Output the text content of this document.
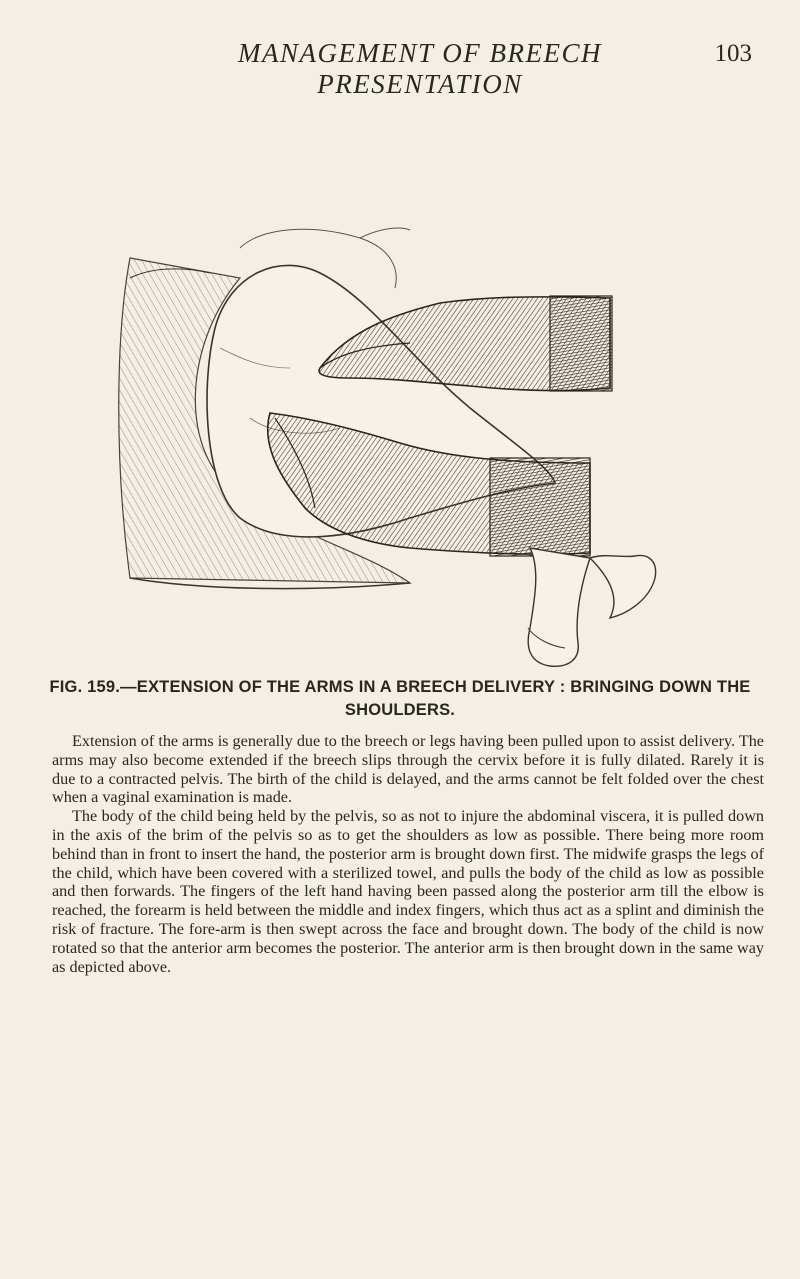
MANAGEMENT OF BREECH PRESENTATION
103
FIG. 159.—EXTENSION OF THE ARMS IN A BREECH DELIVERY : BRINGING DOWN THE SHOULDERS.

Extension of the arms is generally due to the breech or legs having been pulled upon to assist delivery. The arms may also become extended if the breech slips through the cervix before it is fully dilated. Rarely it is due to a contracted pelvis. The birth of the child is delayed, and the arms cannot be felt folded over the chest when a vaginal examination is made.

The body of the child being held by the pelvis, so as not to injure the abdominal viscera, it is pulled down in the axis of the brim of the pelvis so as to get the shoulders as low as possible. There being more room behind than in front to insert the hand, the posterior arm is brought down first. The midwife grasps the legs of the child, which have been covered with a sterilized towel, and pulls the body of the child as low as possible and then forwards. The fingers of the left hand having been passed along the posterior arm till the elbow is reached, the forearm is held between the middle and index fingers, which thus act as a splint and diminish the risk of fracture. The fore-arm is then swept across the face and brought down. The body of the child is now rotated so that the anterior arm becomes the posterior. The anterior arm is then brought down in the same way as depicted above.
